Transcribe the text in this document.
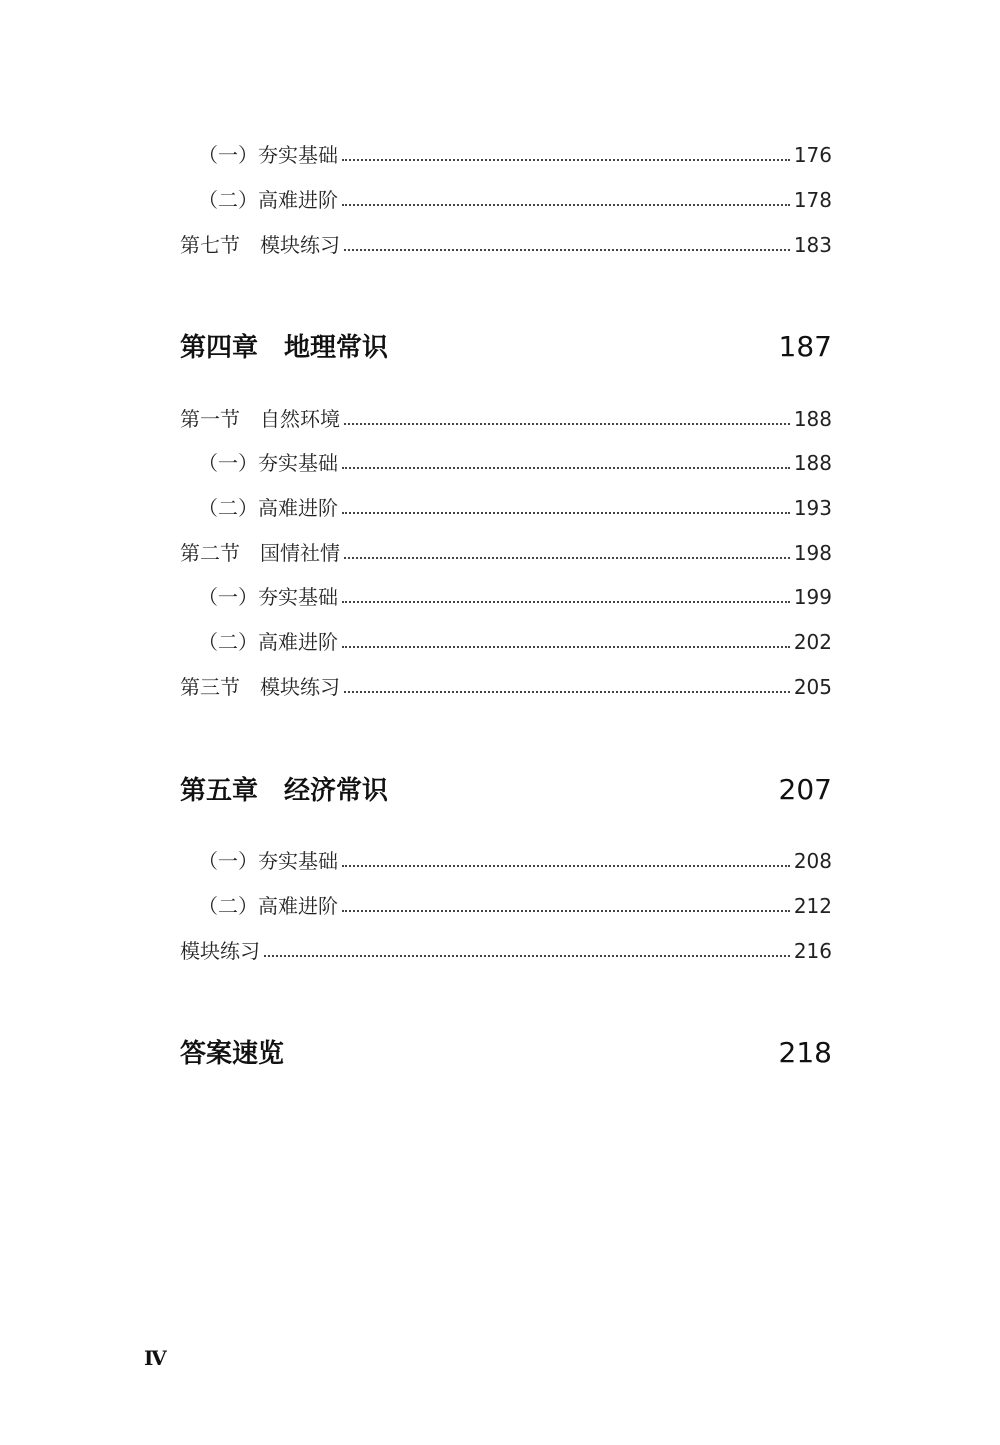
（一）夯实基础	176
（二）高难进阶	178
第七节　模块练习	183
第四章　地理常识	187
第一节　自然环境	188
（一）夯实基础	188
（二）高难进阶	193
第二节　国情社情	198
（一）夯实基础	199
（二）高难进阶	202
第三节　模块练习	205
第五章　经济常识	207
（一）夯实基础	208
（二）高难进阶	212
模块练习	216
答案速览	218
Ⅳ
